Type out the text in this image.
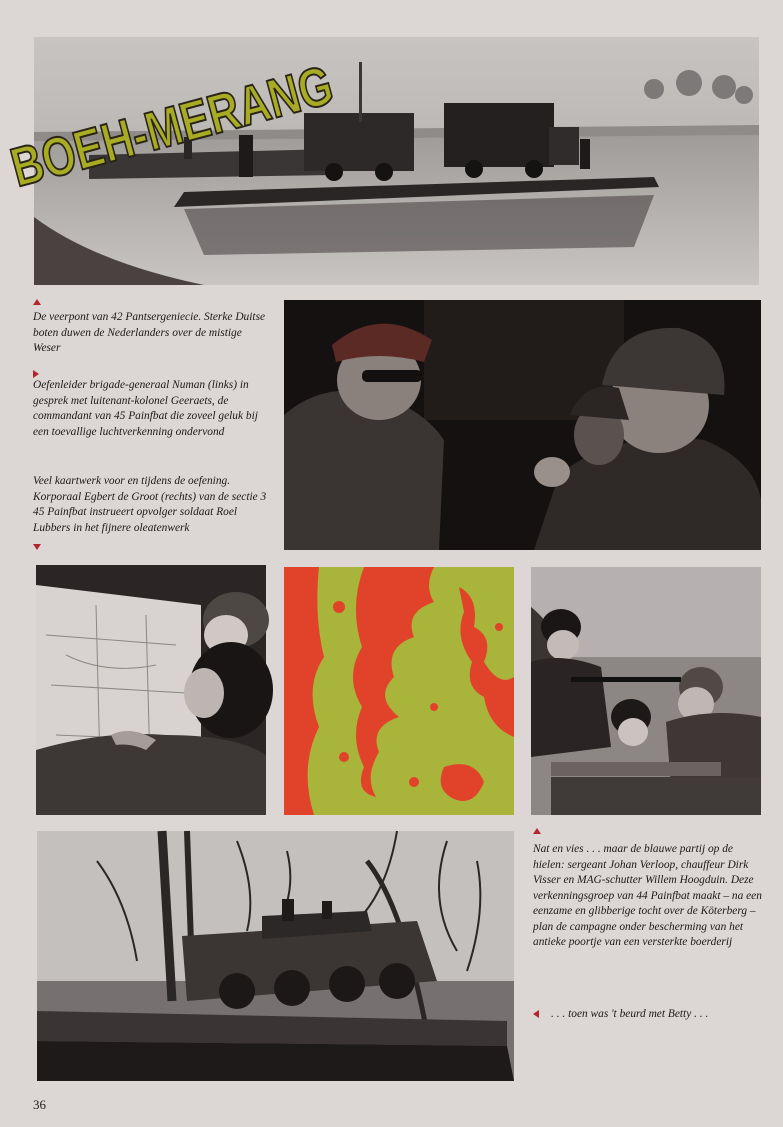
BOEH-MERANG

De veerpont van 42 Pantsergeniecie. Sterke Duitse boten duwen de Nederlanders over de mistige Weser

Oefenleider brigade-generaal Numan (links) in gesprek met luitenant-kolonel Geeraets, de commandant van 45 Painfbat die zoveel geluk bij een toevallige luchtverkenning ondervond

Veel kaartwerk voor en tijdens de oefening. Korporaal Egbert de Groot (rechts) van de sectie 3 45 Painfbat instrueert opvolger soldaat Roel Lubbers in het fijnere oleatenwerk

Nat en vies . . . maar de blauwe partij op de hielen: sergeant Johan Verloop, chauffeur Dirk Visser en MAG-schutter Willem Hoogduin. Deze verkenningsgroep van 44 Painfbat maakt – na een eenzame en glibberige tocht over de Köterberg – plan de campagne onder bescherming van het antieke poortje van een versterkte boerderij

. . . toen was 't beurd met Betty . . .

36
